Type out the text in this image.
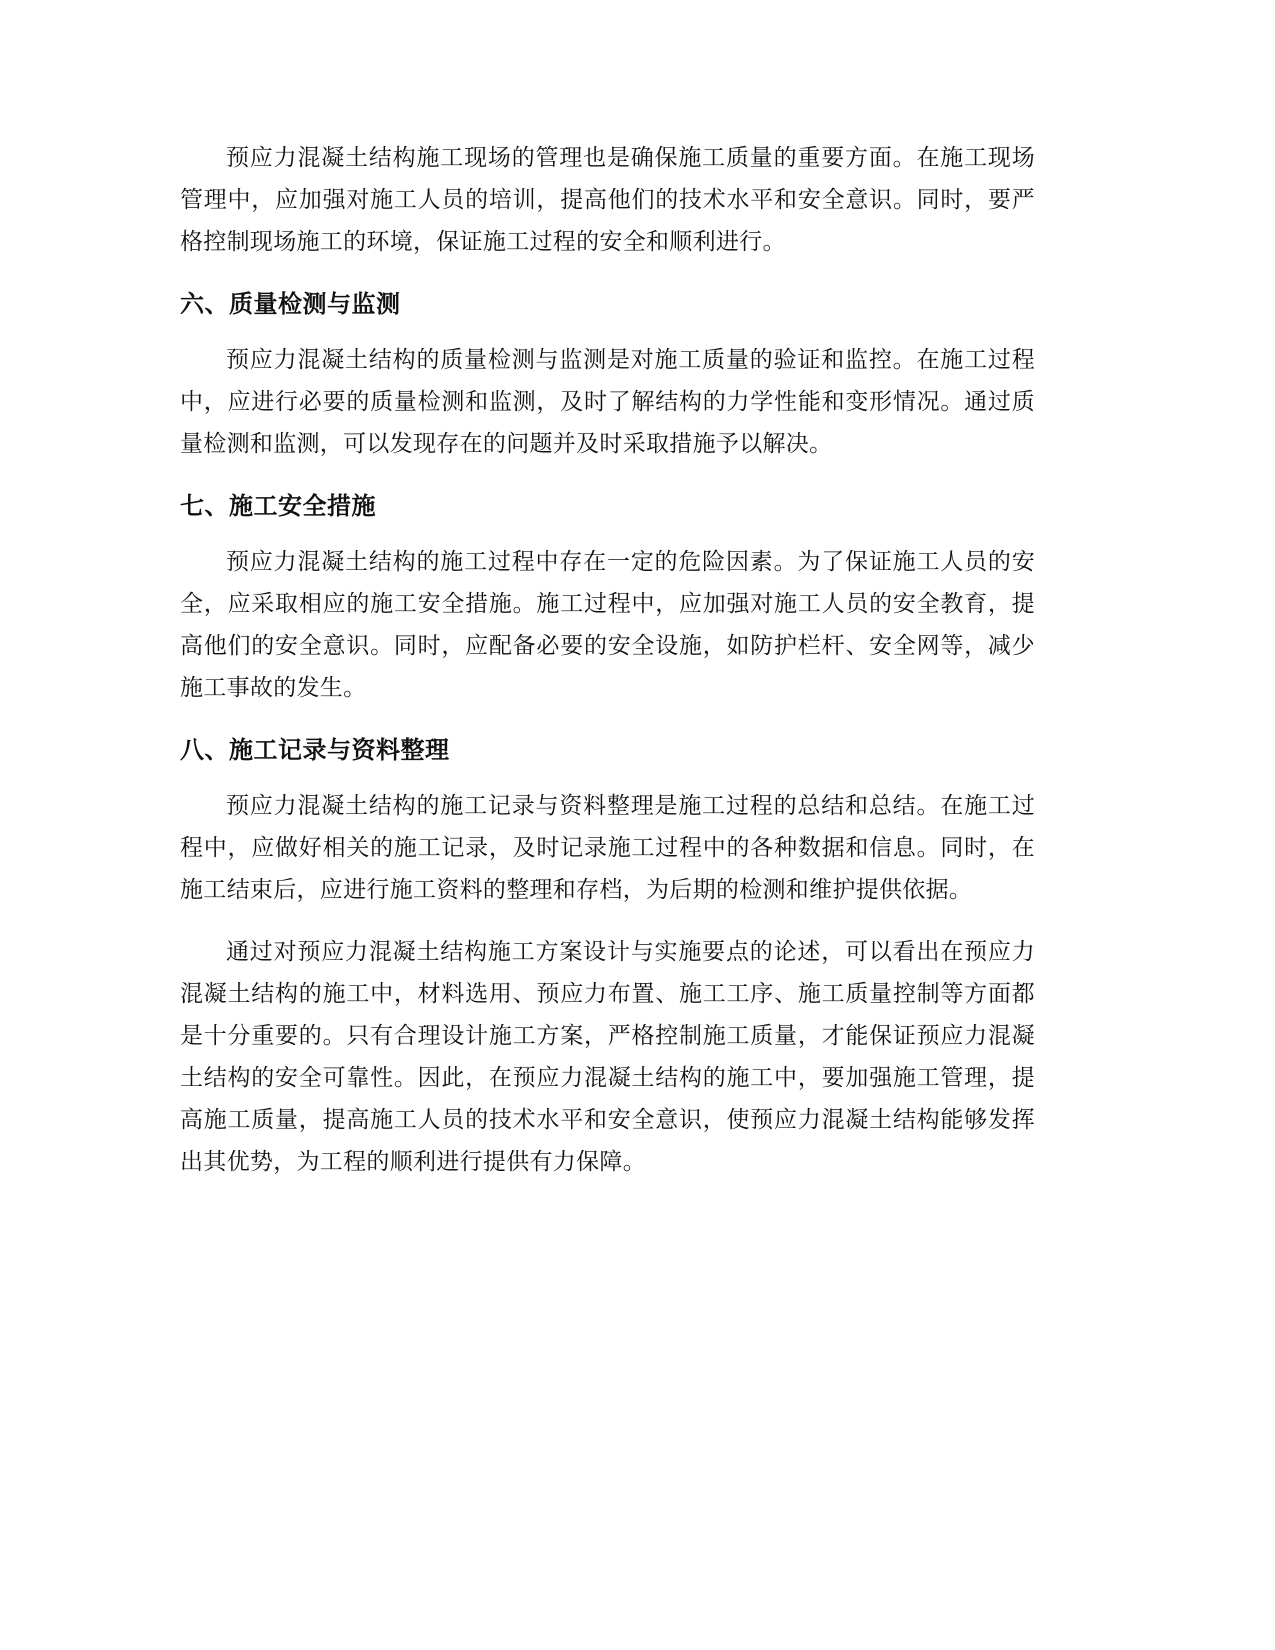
预应力混凝土结构施工现场的管理也是确保施工质量的重要方面。在施工现场管理中，应加强对施工人员的培训，提高他们的技术水平和安全意识。同时，要严格控制现场施工的环境，保证施工过程的安全和顺利进行。

六、质量检测与监测

预应力混凝土结构的质量检测与监测是对施工质量的验证和监控。在施工过程中，应进行必要的质量检测和监测，及时了解结构的力学性能和变形情况。通过质量检测和监测，可以发现存在的问题并及时采取措施予以解决。

七、施工安全措施

预应力混凝土结构的施工过程中存在一定的危险因素。为了保证施工人员的安全，应采取相应的施工安全措施。施工过程中，应加强对施工人员的安全教育，提高他们的安全意识。同时，应配备必要的安全设施，如防护栏杆、安全网等，减少施工事故的发生。

八、施工记录与资料整理

预应力混凝土结构的施工记录与资料整理是施工过程的总结和总结。在施工过程中，应做好相关的施工记录，及时记录施工过程中的各种数据和信息。同时，在施工结束后，应进行施工资料的整理和存档，为后期的检测和维护提供依据。

通过对预应力混凝土结构施工方案设计与实施要点的论述，可以看出在预应力混凝土结构的施工中，材料选用、预应力布置、施工工序、施工质量控制等方面都是十分重要的。只有合理设计施工方案，严格控制施工质量，才能保证预应力混凝土结构的安全可靠性。因此，在预应力混凝土结构的施工中，要加强施工管理，提高施工质量，提高施工人员的技术水平和安全意识，使预应力混凝土结构能够发挥出其优势，为工程的顺利进行提供有力保障。
